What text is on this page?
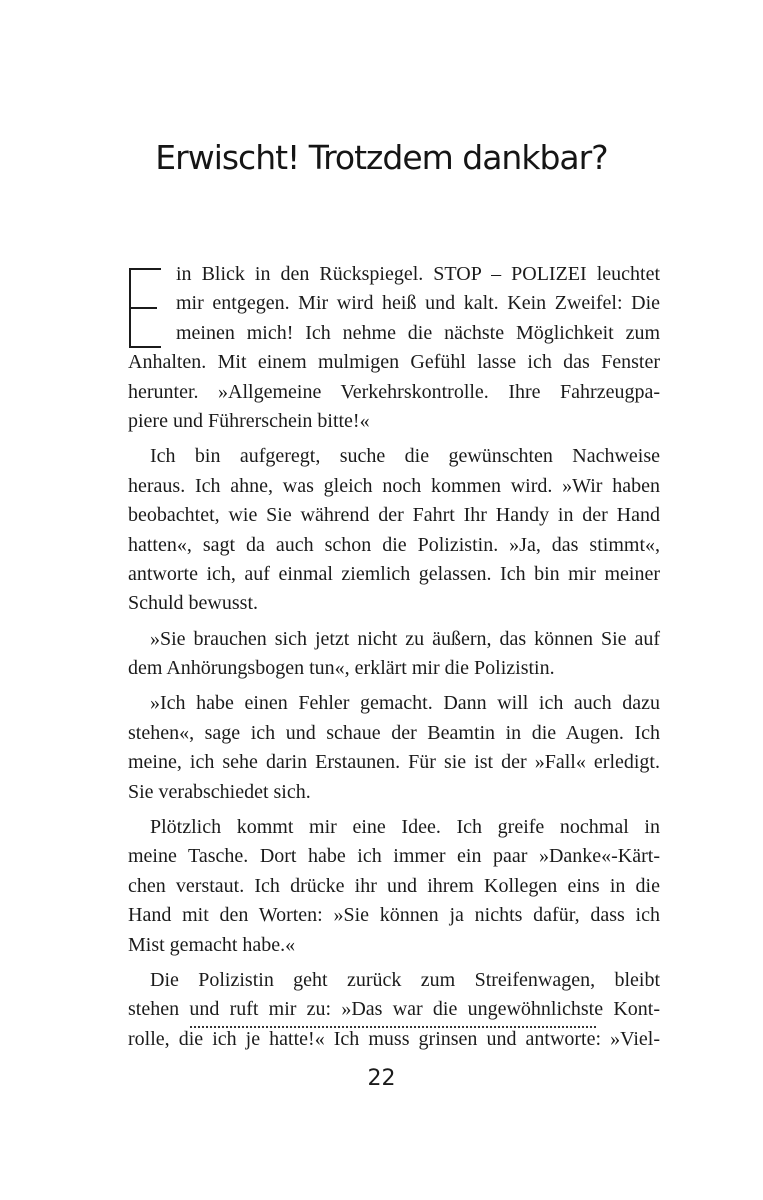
Erwischt! Trotzdem dankbar?
in Blick in den Rückspiegel. STOP – POLIZEI leuchtet
mir entgegen. Mir wird heiß und kalt. Kein Zweifel: Die
meinen mich! Ich nehme die nächste Möglichkeit zum
Anhalten. Mit einem mulmigen Gefühl lasse ich das Fenster
herunter. »Allgemeine Verkehrskontrolle. Ihre Fahrzeugpa-
piere und Führerschein bitte!«
Ich bin aufgeregt, suche die gewünschten Nachweise
heraus. Ich ahne, was gleich noch kommen wird. »Wir haben
beobachtet, wie Sie während der Fahrt Ihr Handy in der Hand
hatten«, sagt da auch schon die Polizistin. »Ja, das stimmt«,
antworte ich, auf einmal ziemlich gelassen. Ich bin mir meiner
Schuld bewusst.
»Sie brauchen sich jetzt nicht zu äußern, das können Sie auf
dem Anhörungsbogen tun«, erklärt mir die Polizistin.
»Ich habe einen Fehler gemacht. Dann will ich auch dazu
stehen«, sage ich und schaue der Beamtin in die Augen. Ich
meine, ich sehe darin Erstaunen. Für sie ist der »Fall« erledigt.
Sie verabschiedet sich.
Plötzlich kommt mir eine Idee. Ich greife nochmal in
meine Tasche. Dort habe ich immer ein paar »Danke«-Kärt-
chen verstaut. Ich drücke ihr und ihrem Kollegen eins in die
Hand mit den Worten: »Sie können ja nichts dafür, dass ich
Mist gemacht habe.«
Die Polizistin geht zurück zum Streifenwagen, bleibt
stehen und ruft mir zu: »Das war die ungewöhnlichste Kont-
rolle, die ich je hatte!« Ich muss grinsen und antworte: »Viel-
22
